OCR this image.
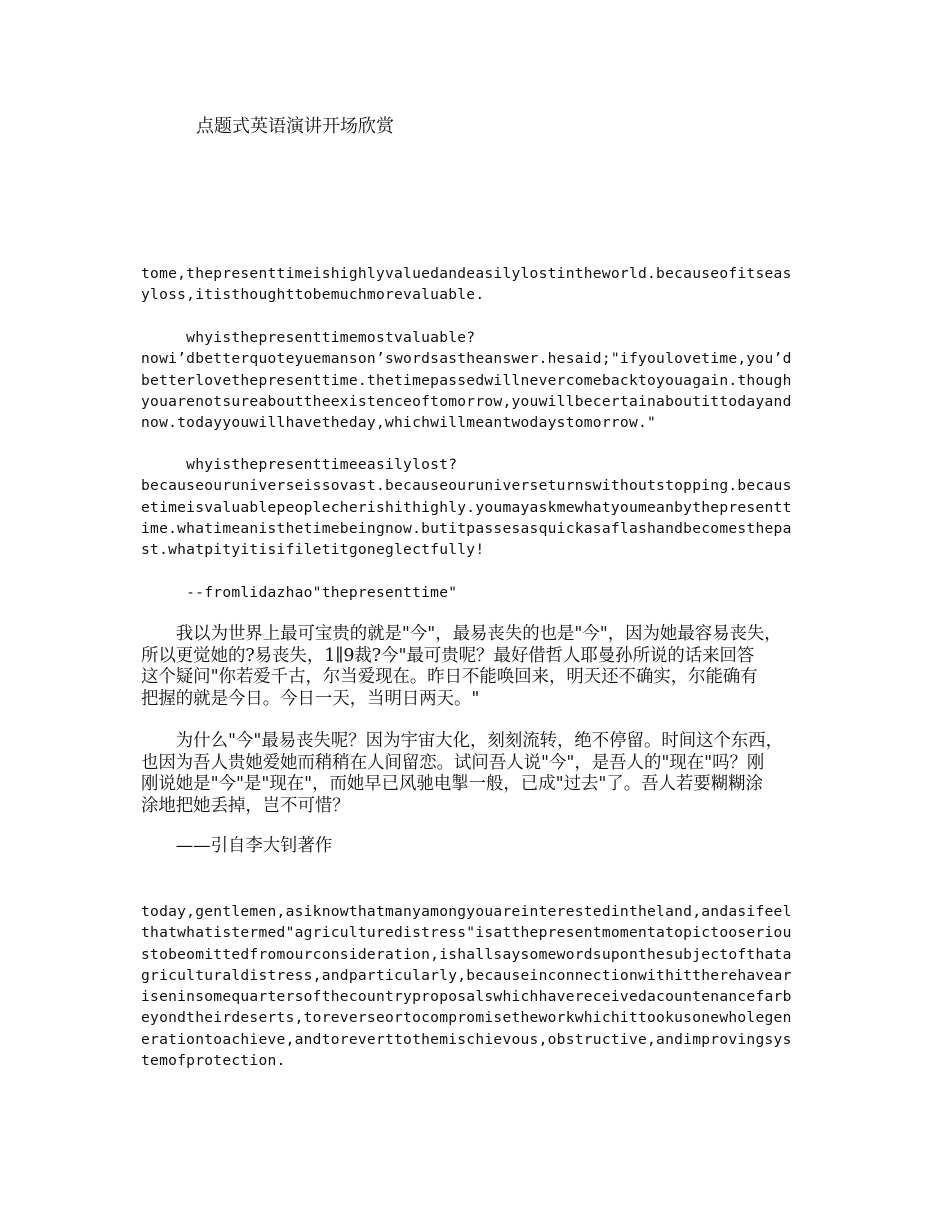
点题式英语演讲开场欣赏
tome,thepresenttimeishighlyvaluedandeasilylostintheworld.becauseofitseas
yloss,itisthoughttobemuchmorevaluable.
whyisthepresenttimemostvaluable?
nowi’dbetterquoteyuemanson’swordsastheanswer.hesaid;"ifyoulovetime,you’d
betterlovethepresenttime.thetimepassedwillnevercomebacktoyouagain.though
youarenotsureabouttheexistenceoftomorrow,youwillbecertainaboutittodayand
now.todayyouwillhavetheday,whichwillmeantwodaystomorrow."
whyisthepresenttimeeasilylost?
becauseouruniverseissovast.becauseouruniverseturnswithoutstopping.becaus
etimeisvaluablepeoplecherishithighly.youmayaskmewhatyoumeanbythepresentt
ime.whatimeanisthetimebeingnow.butitpassesasquickasaflashandbecomesthepa
st.whatpityitisifiletitgoneglectfully!
--fromlidazhao"thepresenttime"
　　我以为世界上最可宝贵的就是"今"，最易丧失的也是"今"，因为她最容易丧失，
所以更觉她的?易丧失，1∥9裁?今"最可贵呢？最好借哲人耶曼孙所说的话来回答
这个疑问"你若爱千古，尔当爱现在。昨日不能唤回来，明天还不确实，尔能确有
把握的就是今日。今日一天，当明日两天。"
　　为什么"今"最易丧失呢？因为宇宙大化，刻刻流转，绝不停留。时间这个东西，
也因为吾人贵她爱她而稍稍在人间留恋。试问吾人说"今"，是吾人的"现在"吗？刚
刚说她是"今"是"现在"，而她早已风驰电掣一般，已成"过去"了。吾人若要糊糊涂
涂地把她丢掉，岂不可惜？
　　——引自李大钊著作
today,gentlemen,asiknowthatmanyamongyouareinterestedintheland,andasifeel
thatwhatistermed"agriculturedistress"isatthepresentmomentatopictooseriou
stobeomittedfromourconsideration,ishallsaysomewordsuponthesubjectofthata
griculturaldistress,andparticularly,becauseinconnectionwithittherehavear
iseninsomequartersofthecountryproposalswhichhavereceivedacountenancefarb
eyondtheirdeserts,toreverseortocompromisetheworkwhichittookusonewholegen
erationtoachieve,andtoreverttothemischievous,obstructive,andimprovingsys
temofprotection.
